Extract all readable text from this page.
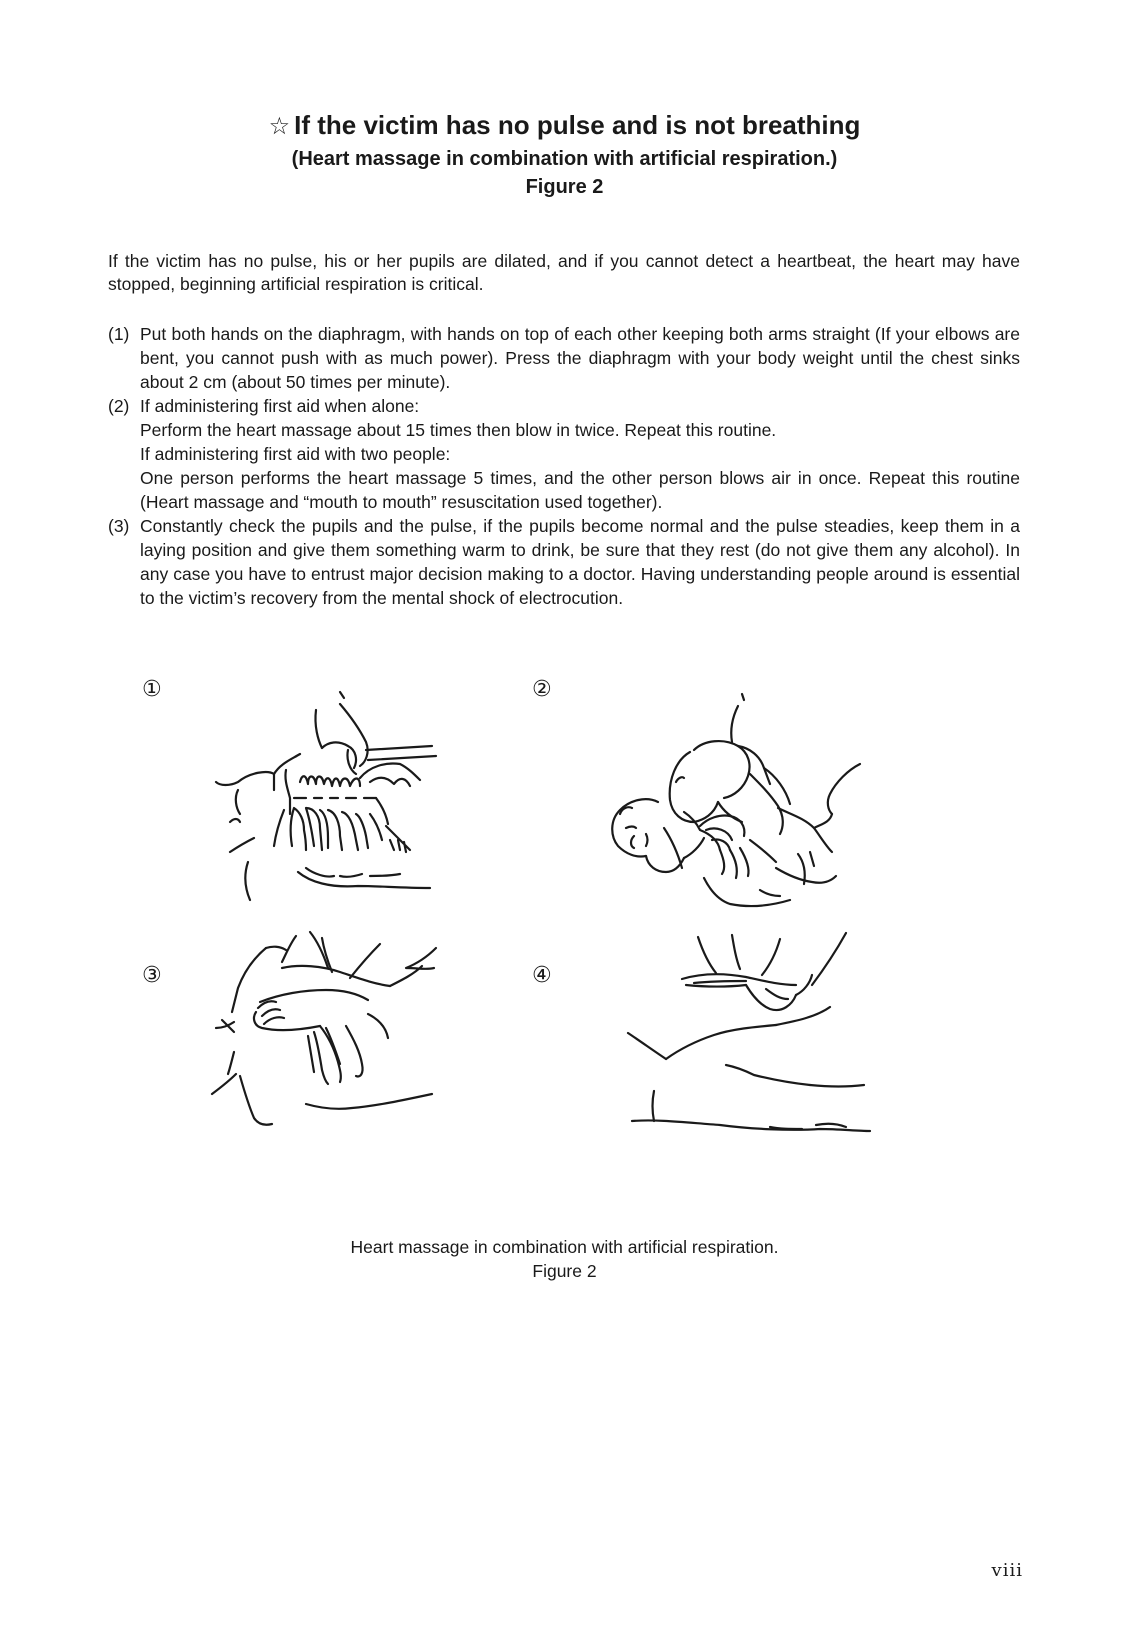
☆ If the victim has no pulse and is not breathing
(Heart massage in combination with artificial respiration.)
Figure 2
If the victim has no pulse, his or her pupils are dilated, and if you cannot detect a heartbeat, the heart may have stopped, beginning artificial respiration is critical.
(1) Put both hands on the diaphragm, with hands on top of each other keeping both arms straight (If your elbows are bent, you cannot push with as much power). Press the diaphragm with your body weight until the chest sinks about 2 cm (about 50 times per minute).

(2) If administering first aid when alone:

Perform the heart massage about 15 times then blow in twice. Repeat this routine.

If administering first aid with two people:

One person performs the heart massage 5 times, and the other person blows air in once. Repeat this routine (Heart massage and “mouth to mouth” resuscitation used together).

(3) Constantly check the pupils and the pulse, if the pupils become normal and the pulse steadies, keep them in a laying position and give them something warm to drink, be sure that they rest (do not give them any alcohol). In any case you have to entrust major decision making to a doctor. Having understanding people around is essential to the victim’s recovery from the mental shock of electrocution.

①	②
③	④
Heart massage in combination with artificial respiration.
Figure 2
viii
